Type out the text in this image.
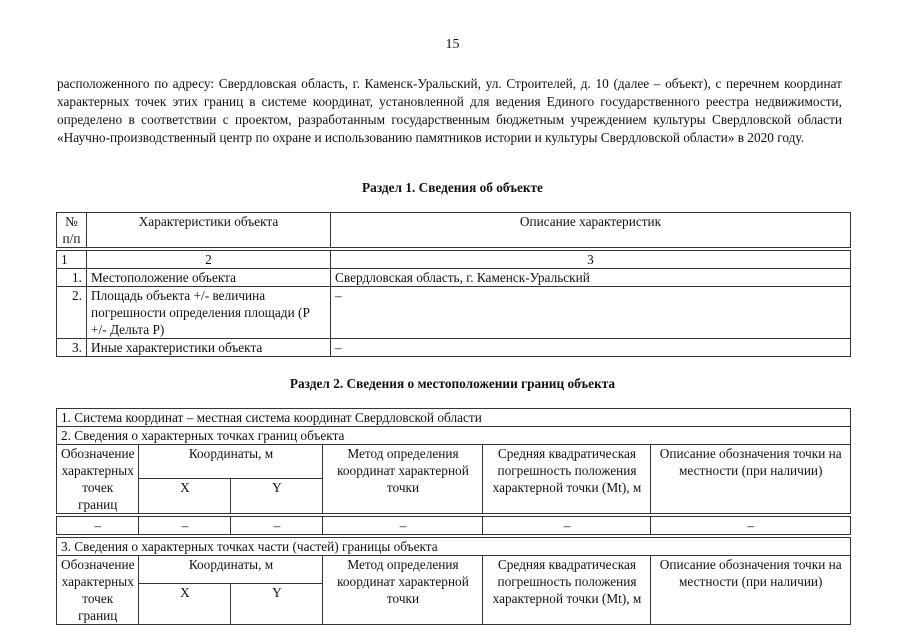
15
расположенного по адресу: Свердловская область, г. Каменск-Уральский, ул. Строителей, д. 10 (далее – объект), с перечнем координат характерных точек этих границ в системе координат, установленной для ведения Единого государственного реестра недвижимости, определено в соответствии с проектом, разработанным государственным бюджетным учреждением культуры Свердловской области «Научно-производственный центр по охране и использованию памятников истории и культуры Свердловской области» в 2020 году.
Раздел 1. Сведения об объекте
№ п/п	Характеристики объекта	Описание характеристик

1	2	3
1.	Местоположение объекта	Свердловская область, г. Каменск-Уральский
2.	Площадь объекта +/- величина погрешности определения площади (Р +/- Дельта Р)	–
3.	Иные характеристики объекта	–
Раздел 2. Сведения о местоположении границ объекта
1. Система координат – местная система координат Свердловской области					
2. Сведения о характерных точках границ объекта					
Обозначение характерных точек границ	Координаты, м		Метод определения координат характерной точки	Средняя квадратическая погрешность положения характерной точки (Mt), м	Описание обозначения точки на местности (при наличии)
	X	Y			

–	–	–	–	–	–

3. Сведения о характерных точках части (частей) границы объекта					
Обозначение характерных точек границ	Координаты, м		Метод определения координат характерной точки	Средняя квадратическая погрешность положения характерной точки (Mt), м	Описание обозначения точки на местности (при наличии)
	X	Y			
